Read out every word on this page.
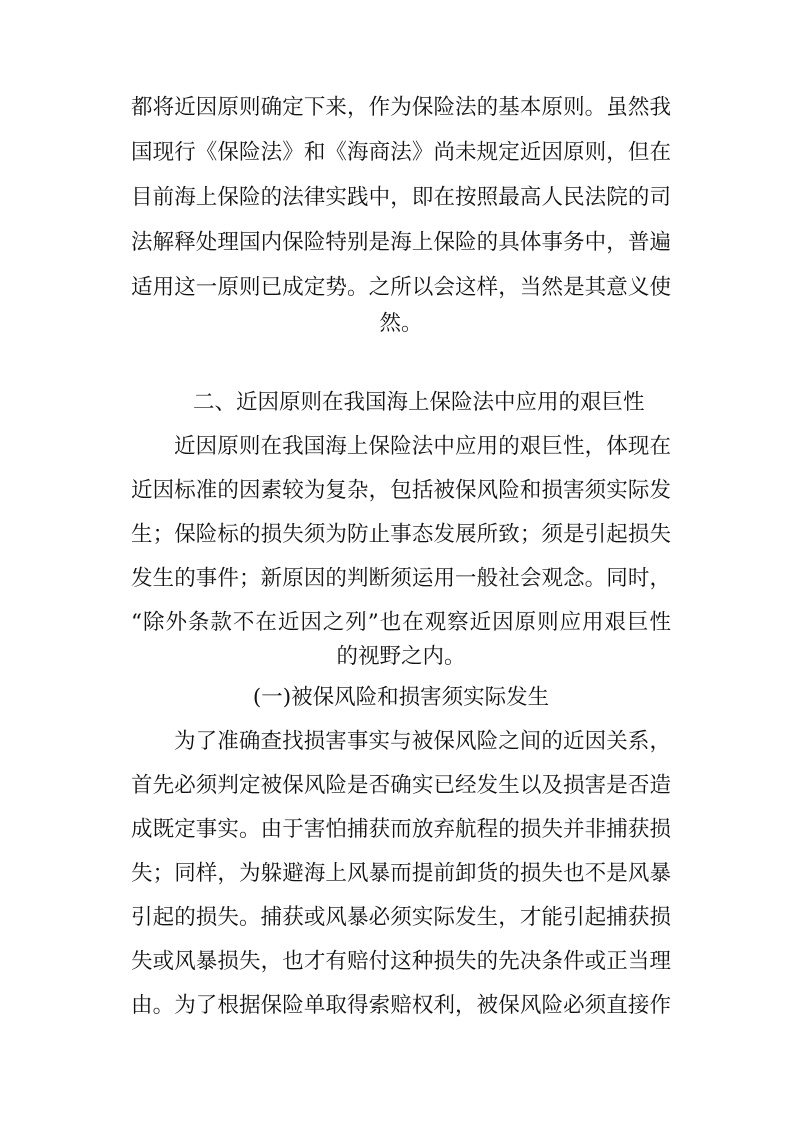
都将近因原则确定下来，作为保险法的基本原则。虽然我
国现行《保险法》和《海商法》尚未规定近因原则，但在
目前海上保险的法律实践中，即在按照最高人民法院的司
法解释处理国内保险特别是海上保险的具体事务中，普遍
适用这一原则已成定势。之所以会这样，当然是其意义使
然。
二、近因原则在我国海上保险法中应用的艰巨性
近因原则在我国海上保险法中应用的艰巨性，体现在
近因标准的因素较为复杂，包括被保风险和损害须实际发
生；保险标的损失须为防止事态发展所致；须是引起损失
发生的事件；新原因的判断须运用一般社会观念。同时，
“除外条款不在近因之列”也在观察近因原则应用艰巨性
的视野之内。
(一)被保风险和损害须实际发生
为了准确查找损害事实与被保风险之间的近因关系，
首先必须判定被保风险是否确实已经发生以及损害是否造
成既定事实。由于害怕捕获而放弃航程的损失并非捕获损
失；同样，为躲避海上风暴而提前卸货的损失也不是风暴
引起的损失。捕获或风暴必须实际发生，才能引起捕获损
失或风暴损失，也才有赔付这种损失的先决条件或正当理
由。为了根据保险单取得索赔权利，被保风险必须直接作
